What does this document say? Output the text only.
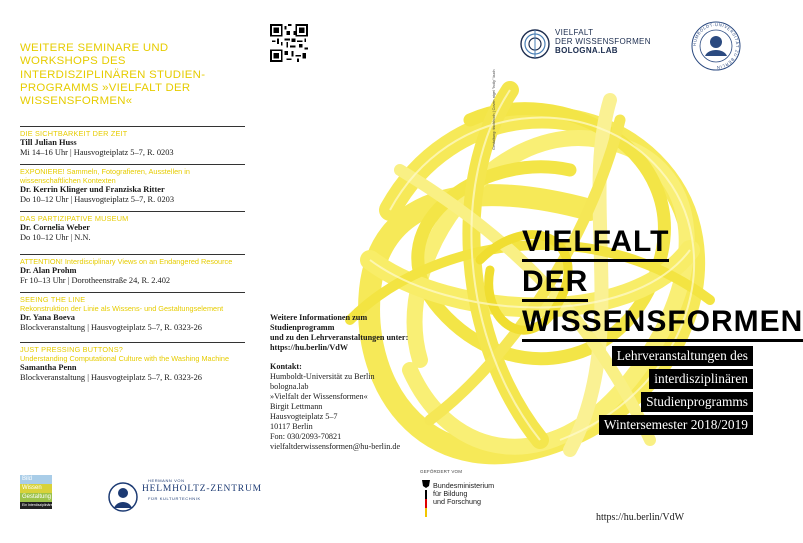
WEITERE SEMINARE UND WORKSHOPS DES INTERDISZIPLINÄREN STUDIEN-PROGRAMMS »VIELFALT DER WISSENSFORMEN«
DIE SICHTBARKEIT DER ZEIT
Till Julian Huss
Mi 14–16 Uhr | Hausvogteiplatz 5–7, R. 0203
EXPONIERE! Sammeln, Fotografieren, Ausstellen in
wissenschaftlichen Kontexten
Dr. Kerrin Klinger und Franziska Ritter
Do 10–12 Uhr | Hausvogteiplatz 5–7, R. 0203
DAS PARTIZIPATIVE MUSEUM
Dr. Cornelia Weber
Do 10–12 Uhr | N.N.
ATTENTION! Interdisciplinary Views on an Endangered Resource
Dr. Alan Prohm
Fr 10–13 Uhr | Dorotheenstraße 24, R. 2.402
SEEING THE LINE
Rekonstruktion der Linie als Wissens- und Gestaltungselement
Dr. Yana Boeva
Blockveranstaltung | Hausvogteiplatz 5–7, R. 0323-26
JUST PRESSING BUTTONS?
Understanding Computational Culture with the Washing Machine
Samantha Penn
Blockveranstaltung | Hausvogteiplatz 5–7, R. 0323-26
Bild
Wissen
Gestaltung
Ein Interdisziplinäres Labor
HERMANN VON
HELMHOLTZ-ZENTRUM
FÜR KULTURTECHNIK
Gestaltung: tischhoch | Cover: nigel "holly" kuch
Weitere Informationen zum Studienprogramm
und zu den Lehrveranstaltungen unter:
https://hu.berlin/VdW
Kontakt:
Humboldt-Universität zu Berlin
bologna.lab
»Vielfalt der Wissensformen«
Birgit Lettmann
Hausvogteiplatz 5–7
10117 Berlin
Fon: 030/2093-70821
vielfaltderwissensformen@hu-berlin.de
GEFÖRDERT VOM
Bundesministerium
für Bildung
und Forschung
VIELFALT
DER WISSENSFORMEN
BOLOGNA.LAB
HUMBOLDT-UNIVERSITÄT ZU BERLIN
VIELFALT
DER
WISSENSFORMEN
Lehrveranstaltungen des
interdisziplinären
Studienprogramms
Wintersemester 2018/2019
https://hu.berlin/VdW
